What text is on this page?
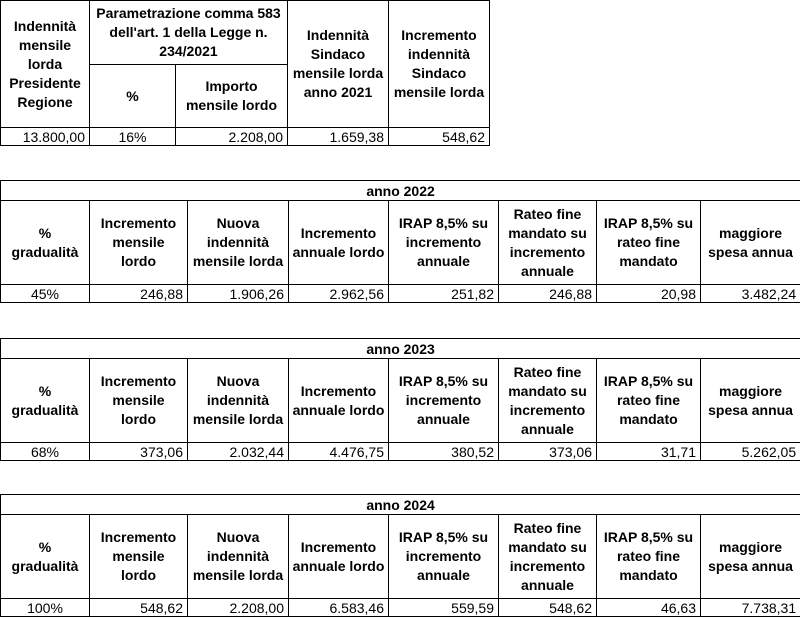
Indennità mensile lorda Presidente Regione	Parametrazione comma 583 dell'art. 1 della Legge n. 234/2021		Indennità Sindaco mensile lorda anno 2021	Incremento indennità Sindaco mensile lorda
	%	Importo mensile lordo		
13.800,00	16%	2.208,00	1.659,38	548,62
anno 2022							
% gradualità	Incremento mensile lordo	Nuova indennità mensile lorda	Incremento annuale lordo	IRAP 8,5% su incremento annuale	Rateo fine mandato su incremento annuale	IRAP 8,5% su rateo fine mandato	maggiore spesa annua
45%	246,88	1.906,26	2.962,56	251,82	246,88	20,98	3.482,24
anno 2023							
% gradualità	Incremento mensile lordo	Nuova indennità mensile lorda	Incremento annuale lordo	IRAP 8,5% su incremento annuale	Rateo fine mandato su incremento annuale	IRAP 8,5% su rateo fine mandato	maggiore spesa annua
68%	373,06	2.032,44	4.476,75	380,52	373,06	31,71	5.262,05
anno 2024							
% gradualità	Incremento mensile lordo	Nuova indennità mensile lorda	Incremento annuale lordo	IRAP 8,5% su incremento annuale	Rateo fine mandato su incremento annuale	IRAP 8,5% su rateo fine mandato	maggiore spesa annua
100%	548,62	2.208,00	6.583,46	559,59	548,62	46,63	7.738,31
